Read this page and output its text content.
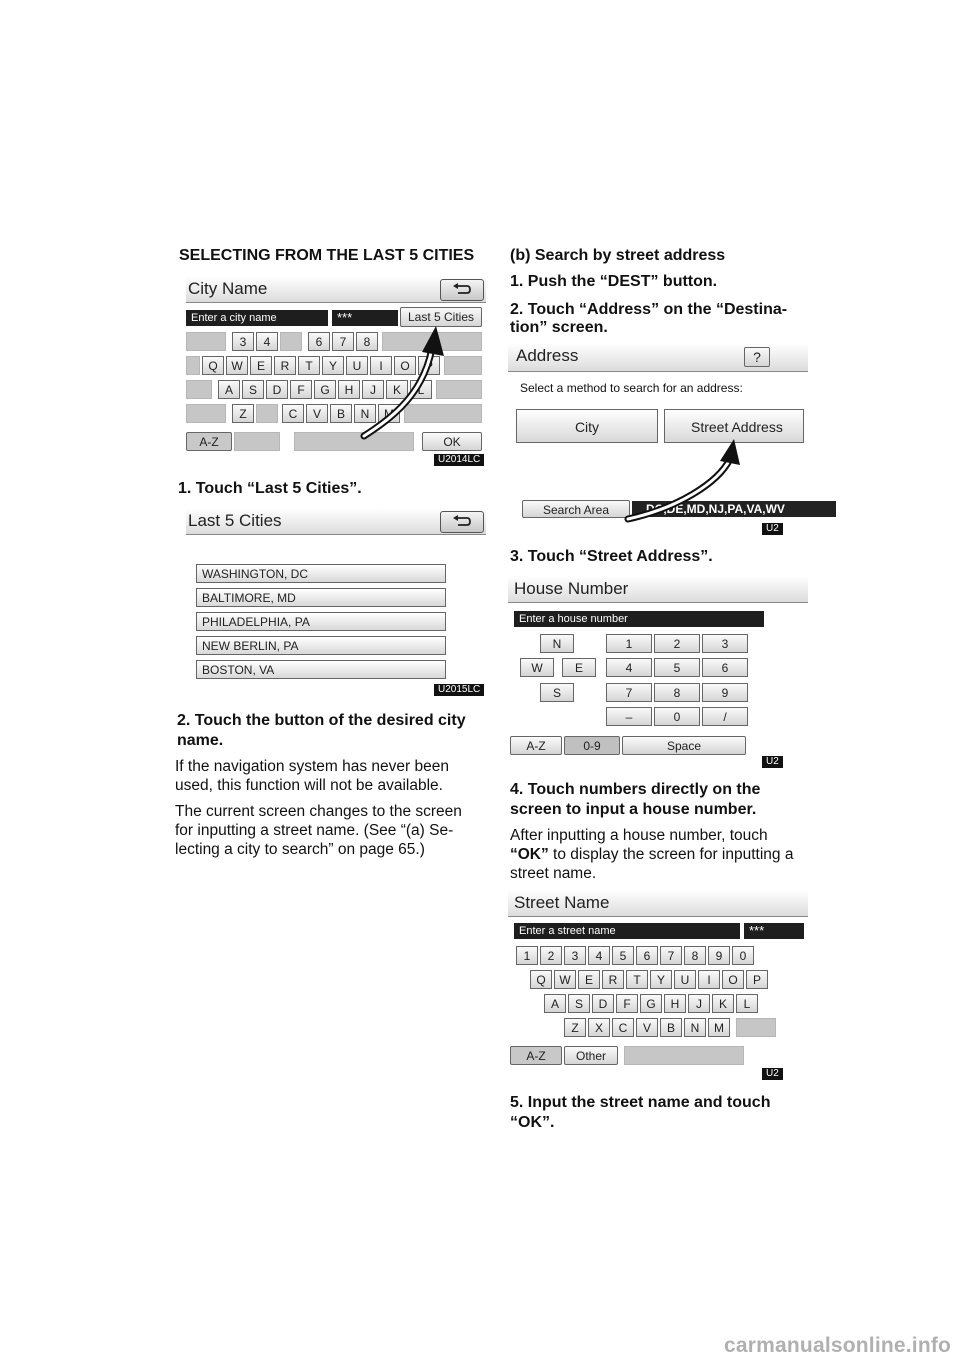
SELECTING FROM THE LAST 5 CITIES
City Name
Enter a city name	***	Last 5 Cities
3	4	6	7	8
Q	W	E	R	T	Y	U	I	O	P
A	S	D	F	G	H	J	K	L
Z	C	V	B	N	M
A-Z	OK
U2014LC
1. Touch “Last 5 Cities”.
Last 5 Cities
WASHINGTON, DC
BALTIMORE, MD
PHILADELPHIA, PA
NEW BERLIN, PA
BOSTON, VA
U2015LC
2. Touch the button of the desired city
name.
If the navigation system has never been
used, this function will not be available.
The current screen changes to the screen
for inputting a street name. (See “(a) Se-
lecting a city to search” on page 65.)
(b) Search by street address
1. Push the “DEST” button.
2. Touch “Address” on the “Destina-
tion” screen.
Address	?
Select a method to search for an address:
City	Street Address
Search Area	DC,DE,MD,NJ,PA,VA,WV
U2
3. Touch “Street Address”.
House Number
Enter a house number
N
W	E
S
1	2	3
4	5	6
7	8	9
–	0	/
A-Z	0-9	Space
U2
4. Touch numbers directly on the
screen to input a house number.
After inputting a house number, touch
“OK” to display the screen for inputting a
street name.
Street Name
Enter a street name	***
1	2	3	4	5	6	7	8	9	0
Q	W	E	R	T	Y	U	I	O	P
A	S	D	F	G	H	J	K	L
Z	X	C	V	B	N	M
A-Z	Other
U2
5. Input the street name and touch
“OK”.
carmanualsonline.info
